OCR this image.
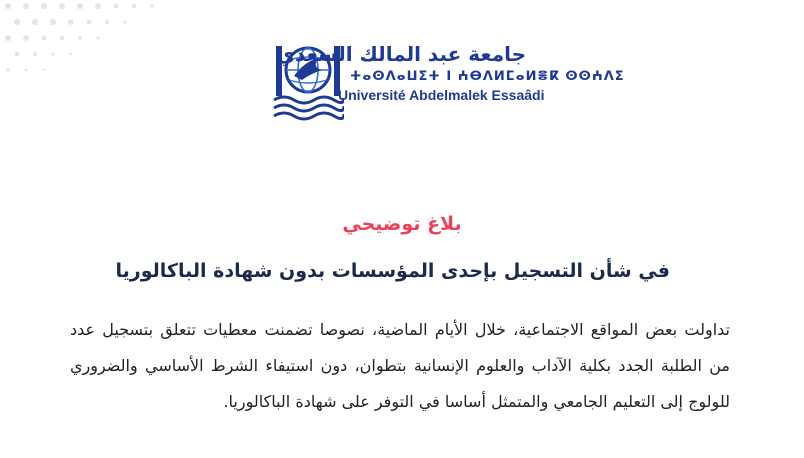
جامعة عبد المالك السعدي
ⵜⴰⵙⴷⴰⵡⵉⵜ ⵏ ⵄⴱⴷⵍⵎⴰⵍⴻⴽ ⵙⵙⵄⴷⵉ
Université Abdelmalek Essaâdi
بلاغ توضيحي
في شأن التسجيل بإحدى المؤسسات بدون شهادة الباكالوريا
تداولت بعض المواقع الاجتماعية، خلال الأيام الماضية، نصوصا تضمنت معطيات تتعلق بتسجيل عدد من الطلبة الجدد بكلية الآداب والعلوم الإنسانية بتطوان، دون استيفاء الشرط الأساسي والضروري للولوج إلى التعليم الجامعي والمتمثل أساسا في التوفر على شهادة الباكالوريا.
